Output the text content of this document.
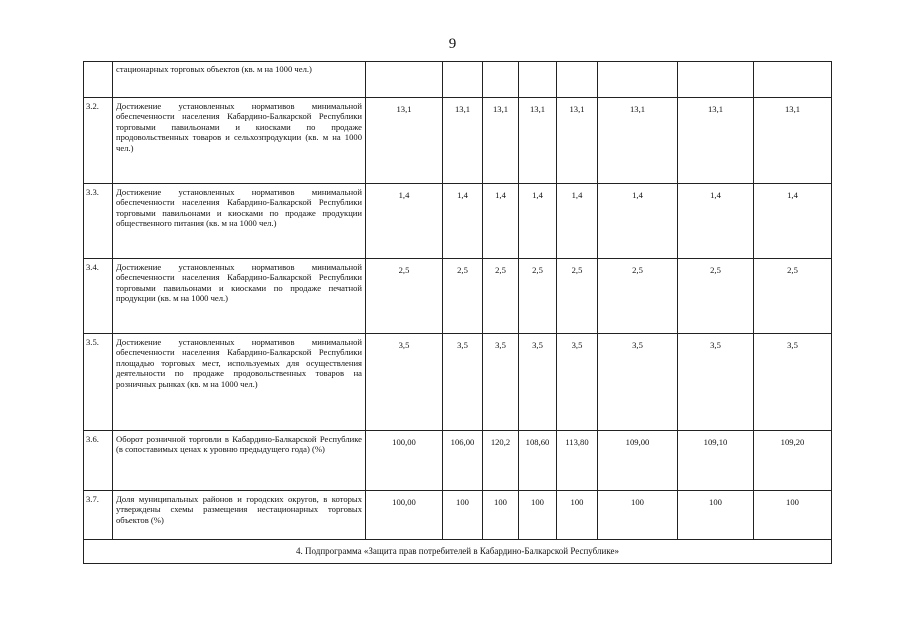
9
	стационарных торговых объектов (кв. м на 1000 чел.)								
3.2.	Достижение установленных нормативов минимальной обеспеченности населения Кабардино-Балкарской Республики торговыми павильонами и киосками по продаже продовольственных товаров и сельхозпродукции (кв. м на 1000 чел.)	13,1	13,1	13,1	13,1	13,1	13,1	13,1	13,1
3.3.	Достижение установленных нормативов минимальной обеспеченности населения Кабардино-Балкарской Республики торговыми павильонами и киосками по продаже продукции общественного питания (кв. м на 1000 чел.)	1,4	1,4	1,4	1,4	1,4	1,4	1,4	1,4
3.4.	Достижение установленных нормативов минимальной обеспеченности населения Кабардино-Балкарской Республики торговыми павильонами и киосками по продаже печатной продукции (кв. м на 1000 чел.)	2,5	2,5	2,5	2,5	2,5	2,5	2,5	2,5
3.5.	Достижение установленных нормативов минимальной обеспеченности населения Кабардино-Балкарской Республики площадью торговых мест, используемых для осуществления деятельности по продаже продовольственных товаров на розничных рынках (кв. м на 1000 чел.)	3,5	3,5	3,5	3,5	3,5	3,5	3,5	3,5
3.6.	Оборот розничной торговли в Кабардино-Балкарской Республике (в сопоставимых ценах к уровню предыдущего года) (%)	100,00	106,00	120,2	108,60	113,80	109,00	109,10	109,20
3.7.	Доля муниципальных районов и городских округов, в которых утверждены схемы размещения нестационарных торговых объектов (%)	100,00	100	100	100	100	100	100	100
4. Подпрограмма «Защита прав потребителей в Кабардино-Балкарской Республике»									
